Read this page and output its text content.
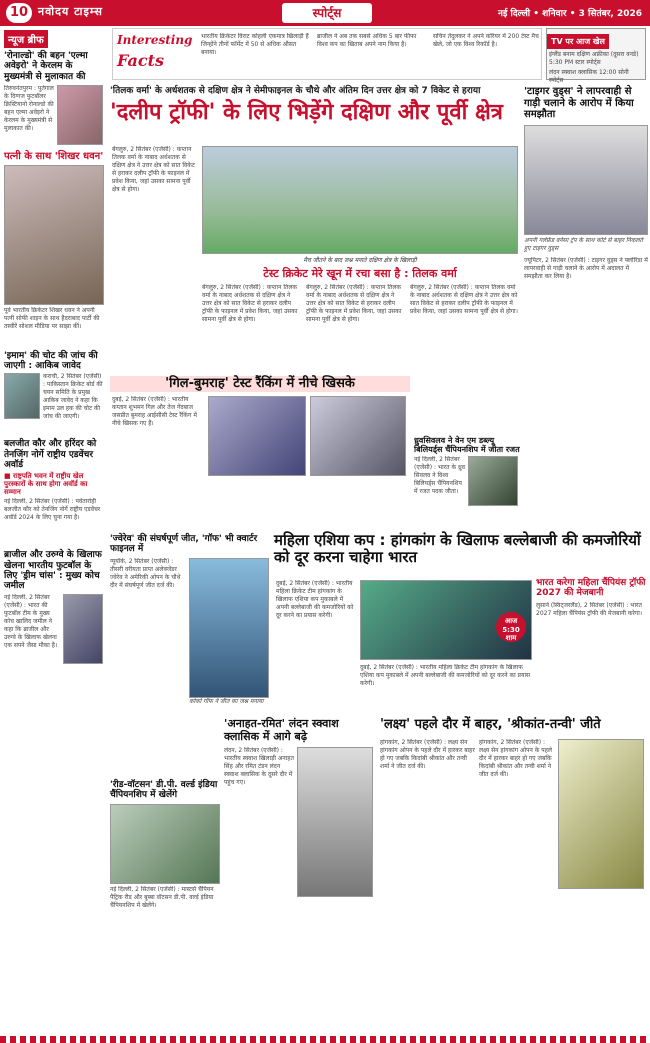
10 नवोदय टाइम्स	स्पोर्ट्स	नई दिल्ली • शनिवार • 3 सितंबर, 2026
न्यूज ब्रीफ
'रोनाल्डो' की बहन 'एल्मा अवेइरो' ने केरलम के मुख्यमंत्री से मुलाकात की
तिरुवनंतपुरम : पुर्तगाल के दिग्गज फुटबॉलर क्रिस्टियानो रोनाल्डो की बहन एल्मा अवेइरो ने केरलम के मुख्यमंत्री से मुलाकात की।
पत्नी के साथ 'शिखर धवन'
पूर्व भारतीय क्रिकेटर शिखर धवन ने अपनी पत्नी सोफी शाइन के साथ हैदराबाद पार्टी की तस्वीरें सोशल मीडिया पर साझा कीं।
'इमाम' की चोट की जांच की जाएगी : आकिब जावेद
कराची, 2 सितंबर (एजेंसी) : पाकिस्तान क्रिकेट बोर्ड की चयन समिति के प्रमुख आकिब जावेद ने कहा कि इमाम उल हक की चोट की जांच की जाएगी।
बलजीत कौर और हरिंदर को तेनजिंग नोर्गे राष्ट्रीय एडवेंचर अवॉर्ड
■ राष्ट्रपति भवन में राष्ट्रीय खेल पुरस्कारों के साथ होगा अवॉर्ड का सम्मान
नई दिल्ली, 2 सितंबर (एजेंसी) : पर्वतारोही बलजीत कौर को तेनजिंग नोर्गे राष्ट्रीय एडवेंचर अवॉर्ड 2024 के लिए चुना गया है।
ब्राजील और उरुग्वे के खिलाफ खेलना भारतीय फुटबॉल के लिए 'ड्रीम चांस' : मुख्य कोच जमील
नई दिल्ली, 2 सितंबर (एजेंसी) : भारत की फुटबॉल टीम के मुख्य कोच खालिद जमील ने कहा कि ब्राजील और उरुग्वे के खिलाफ खेलना एक सपने जैसा मौका है।
Interesting
Facts
भारतीय क्रिकेटर विराट कोहली एकमात्र खिलाड़ी हैं जिन्होंने तीनों फॉर्मेट में 50 से अधिक औसत बनाया।
ब्राजील ने अब तक सबसे अधिक 5 बार फीफा विश्व कप का खिताब अपने नाम किया है।
सचिन तेंदुलकर ने अपने करियर में 200 टेस्ट मैच खेले, जो एक विश्व रिकॉर्ड है।	TV पर आज खेल
इंग्लैंड बनाम दक्षिण अफ्रीका (दूसरा वनडे) 5:30 PM स्टार स्पोर्ट्स
लंदन स्क्वाश क्लासिक 12:00 सोनी स्पोर्ट्स
'तिलक वर्मा' के अर्धशतक से दक्षिण क्षेत्र ने सेमीफाइनल के चौथे और अंतिम दिन उत्तर क्षेत्र को 7 विकेट से हराया
'दलीप ट्रॉफी' के लिए भिड़ेंगे दक्षिण और पूर्वी क्षेत्र
बेंगलुरु, 2 सितंबर (एजेंसी) : कप्तान तिलक वर्मा के नाबाद अर्धशतक से दक्षिण क्षेत्र ने उत्तर क्षेत्र को सात विकेट से हराकर दलीप ट्रॉफी के फाइनल में प्रवेश किया, जहां उसका सामना पूर्वी क्षेत्र से होगा।
मैच जीतने के बाद जश्न मनाते दक्षिण क्षेत्र के खिलाड़ी
टेस्ट क्रिकेट मेरे खून में रचा बसा है : तिलक वर्मा
बेंगलुरु, 2 सितंबर (एजेंसी) : कप्तान तिलक वर्मा के नाबाद अर्धशतक से दक्षिण क्षेत्र ने उत्तर क्षेत्र को सात विकेट से हराकर दलीप ट्रॉफी के फाइनल में प्रवेश किया, जहां उसका सामना पूर्वी क्षेत्र से होगा।
बेंगलुरु, 2 सितंबर (एजेंसी) : कप्तान तिलक वर्मा के नाबाद अर्धशतक से दक्षिण क्षेत्र ने उत्तर क्षेत्र को सात विकेट से हराकर दलीप ट्रॉफी के फाइनल में प्रवेश किया, जहां उसका सामना पूर्वी क्षेत्र से होगा।
बेंगलुरु, 2 सितंबर (एजेंसी) : कप्तान तिलक वर्मा के नाबाद अर्धशतक से दक्षिण क्षेत्र ने उत्तर क्षेत्र को सात विकेट से हराकर दलीप ट्रॉफी के फाइनल में प्रवेश किया, जहां उसका सामना पूर्वी क्षेत्र से होगा।
'टाइगर वुड्स' ने लापरवाही से गाड़ी चलाने के आरोप में किया समझौता
अपनी गर्लफ्रेंड वनेसा ट्रंप के साथ कोर्ट से बाहर निकलते हुए टाइगर वुड्स
ज्यूपिटर, 2 सितंबर (एजेंसी) : टाइगर वुड्स ने फ्लोरिडा में लापरवाही से गाड़ी चलाने के आरोप में अदालत में समझौता कर लिया है।
'गिल-बुमराह' टेस्ट रैंकिंग में नीचे खिसके
दुबई, 2 सितंबर (एजेंसी) : भारतीय कप्तान शुभमन गिल और तेज गेंदबाज जसप्रीत बुमराह आईसीसी टेस्ट रैंकिंग में नीचे खिसक गए हैं।
ध्रुवसिवलव ने वेन एम डब्ल्यू बिलियर्ड्स चैंपियनशिप में जीता रजत
नई दिल्ली, 2 सितंबर (एजेंसी) : भारत के ध्रुव सिवलव ने विश्व बिलियर्ड्स चैंपियनशिप में रजत पदक जीता।
'ज्वेरेव' की संघर्षपूर्ण जीत, 'गॉफ' भी क्वार्टर फाइनल में
न्यूयॉर्क, 2 सितंबर (एजेंसी) : तीसरी वरीयता प्राप्त अलेक्जेंडर ज्वेरेव ने अमेरिकी ओपन के चौथे दौर में संघर्षपूर्ण जीत दर्ज की।
कोको गॉफ ने जीत का जश्न मनाया
महिला एशिया कप : हांगकांग के खिलाफ बल्लेबाजी की कमजोरियों को दूर करना चाहेगा भारत
दुबई, 2 सितंबर (एजेंसी) : भारतीय महिला क्रिकेट टीम हांगकांग के खिलाफ एशिया कप मुकाबले में अपनी बल्लेबाजी की कमजोरियों को दूर करने का प्रयास करेगी।
आज
5:30 शाम
दुबई, 2 सितंबर (एजेंसी) : भारतीय महिला क्रिकेट टीम हांगकांग के खिलाफ एशिया कप मुकाबले में अपनी बल्लेबाजी की कमजोरियों को दूर करने का प्रयास करेगी।
भारत करेगा महिला चैंपियंस ट्रॉफी 2027 की मेजबानी
लुसाने (स्विट्जरलैंड), 2 सितंबर (एजेंसी) : भारत 2027 महिला चैंपियंस ट्रॉफी की मेजबानी करेगा।
'रीड-वॉटसन' डी.पी. वर्ल्ड इंडिया चैंपियनशिप में खेलेंगे
नई दिल्ली, 2 सितंबर (एजेंसी) : मास्टर्स चैंपियन पैट्रिक रीड और बुब्बा वॉटसन डी.पी. वर्ल्ड इंडिया चैंपियनशिप में खेलेंगे।
'अनाहत-रमित' लंदन स्क्वाश क्लासिक में आगे बढ़े
लंदन, 2 सितंबर (एजेंसी) : भारतीय स्क्वाश खिलाड़ी अनाहत सिंह और रमित टंडन लंदन स्क्वाश क्लासिक के दूसरे दौर में पहुंच गए।
'लक्ष्य' पहले दौर में बाहर, 'श्रीकांत-तन्वी' जीते
हांगकांग, 2 सितंबर (एजेंसी) : लक्ष्य सेन हांगकांग ओपन के पहले दौर में हारकर बाहर हो गए जबकि किदांबी श्रीकांत और तन्वी शर्मा ने जीत दर्ज की।
हांगकांग, 2 सितंबर (एजेंसी) : लक्ष्य सेन हांगकांग ओपन के पहले दौर में हारकर बाहर हो गए जबकि किदांबी श्रीकांत और तन्वी शर्मा ने जीत दर्ज की।
